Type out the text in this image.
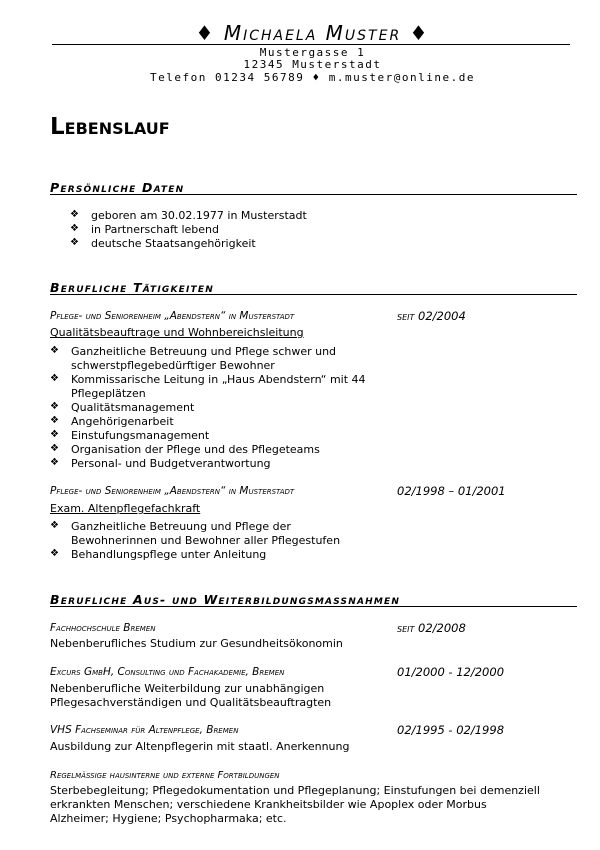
♦ Michaela Muster ♦
Mustergasse 1
12345 Musterstadt
Telefon 01234 56789 ♦ m.muster@online.de
Lebenslauf
Persönliche Daten
❖ geboren am 30.02.1977 in Musterstadt
❖ in Partnerschaft lebend
❖ deutsche Staatsangehörigkeit
Berufliche Tätigkeiten
Pflege- und Seniorenheim „Abendstern“ in Musterstadt	seit 02/2004
Qualitätsbeauftrage und Wohnbereichsleitung
❖ Ganzheitliche Betreuung und Pflege schwer und
schwerstpflegebedürftiger Bewohner
❖ Kommissarische Leitung in „Haus Abendstern“ mit 44
Pflegeplätzen
❖ Qualitätsmanagement
❖ Angehörigenarbeit
❖ Einstufungsmanagement
❖ Organisation der Pflege und des Pflegeteams
❖ Personal- und Budgetverantwortung
Pflege- und Seniorenheim „Abendstern“ in Musterstadt	02/1998 – 01/2001
Exam. Altenpflegefachkraft
❖ Ganzheitliche Betreuung und Pflege der
Bewohnerinnen und Bewohner aller Pflegestufen
❖ Behandlungspflege unter Anleitung
Berufliche Aus- und Weiterbildungsmassnahmen
Fachhochschule Bremen	seit 02/2008
Nebenberufliches Studium zur Gesundheitsökonomin
Excurs GmbH, Consulting und Fachakademie, Bremen	01/2000 - 12/2000
Nebenberufliche Weiterbildung zur unabhängigen
Pflegesachverständigen und Qualitätsbeauftragten
VHS Fachseminar für Altenpflege, Bremen	02/1995 - 02/1998
Ausbildung zur Altenpflegerin mit staatl. Anerkennung
Regelmässige hausinterne und externe Fortbildungen
Sterbebegleitung; Pflegedokumentation und Pflegeplanung; Einstufungen bei demenziell
erkrankten Menschen; verschiedene Krankheitsbilder wie Apoplex oder Morbus
Alzheimer; Hygiene; Psychopharmaka; etc.
